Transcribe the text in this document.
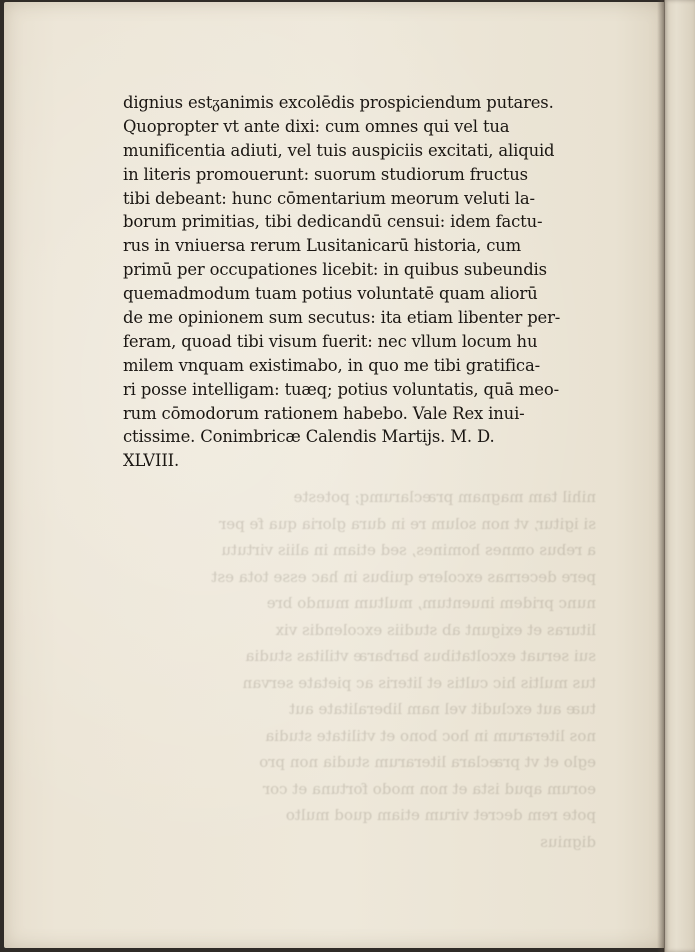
nihil tam magnam præclarumq; poteste
si igitur, vt non solum re in dura gloria qua fe per
a rebus omnes homines, sed etiam in aliis virtutu
pere decernas excolere quibus in hac esse tota est
nunc pridem inuentum, multum mundo bre
lituras et exigunt ab studiis excolendis vix
sui seruat excoltatibus barbaræ vtilitas studia
tus multis hic cultis et literis ac pietate servan
tuæ aut excludit vel nam liberalitate aut
nos literarum in hoc bono et vtilitate studia
eglo et vt præclara literarum studia non pro
eorum apud ista et non modo fortuna et cor
pote rem decret virum etiam quod multo
dignius
dignius estᵹanimis excolēdis prospiciendum putares.
Quopropter vt ante dixi: cum omnes qui vel tua
munificentia adiuti, vel tuis auspiciis excitati, aliquid
in literis promouerunt: suorum studiorum fructus
tibi debeant: hunc cōmentarium meorum veluti la-
borum primitias, tibi dedicandū censui: idem factu-
rus in vniuersa rerum Lusitanicarū historia, cum
primū per occupationes licebit: in quibus subeundis
quemadmodum tuam potius voluntatē quam aliorū
de me opinionem sum secutus: ita etiam libenter per-
feram, quoad tibi visum fuerit: nec vllum locum hu
milem vnquam existimabo, in quo me tibi gratifica-
ri posse intelligam: tuæq; potius voluntatis, quā meo-
rum cōmodorum rationem habebo. Vale Rex inui-
ctissime. Conimbricæ Calendis Martijs. M. D.
XLVIII.
